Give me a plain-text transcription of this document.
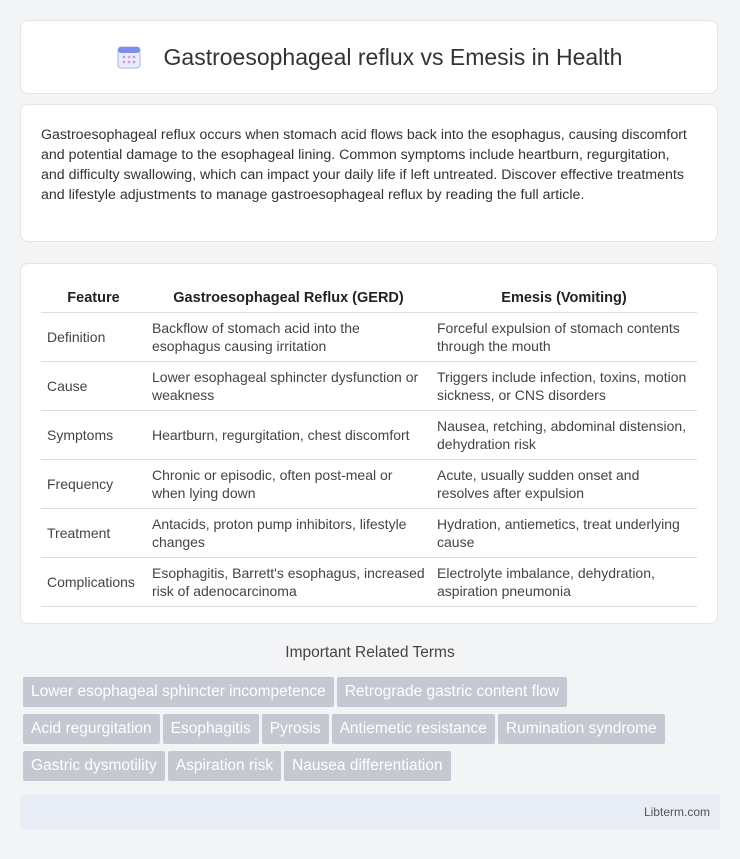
Gastroesophageal reflux vs Emesis in Health

Gastroesophageal reflux occurs when stomach acid flows back into the esophagus, causing discomfort and potential damage to the esophageal lining. Common symptoms include heartburn, regurgitation, and difficulty swallowing, which can impact your daily life if left untreated. Discover effective treatments and lifestyle adjustments to manage gastroesophageal reflux by reading the full article.

Feature	Gastroesophageal Reflux (GERD)	Emesis (Vomiting)
Definition	Backflow of stomach acid into the esophagus causing irritation	Forceful expulsion of stomach contents through the mouth
Cause	Lower esophageal sphincter dysfunction or weakness	Triggers include infection, toxins, motion sickness, or CNS disorders
Symptoms	Heartburn, regurgitation, chest discomfort	Nausea, retching, abdominal distension, dehydration risk
Frequency	Chronic or episodic, often post-meal or when lying down	Acute, usually sudden onset and resolves after expulsion
Treatment	Antacids, proton pump inhibitors, lifestyle changes	Hydration, antiemetics, treat underlying cause
Complications	Esophagitis, Barrett's esophagus, increased risk of adenocarcinoma	Electrolyte imbalance, dehydration, aspiration pneumonia
Important Related Terms
Lower esophageal sphincter incompetence Retrograde gastric content flow
Acid regurgitation Esophagitis Pyrosis Antiemetic resistance Rumination syndrome
Gastric dysmotility Aspiration risk Nausea differentiation
Libterm.com
